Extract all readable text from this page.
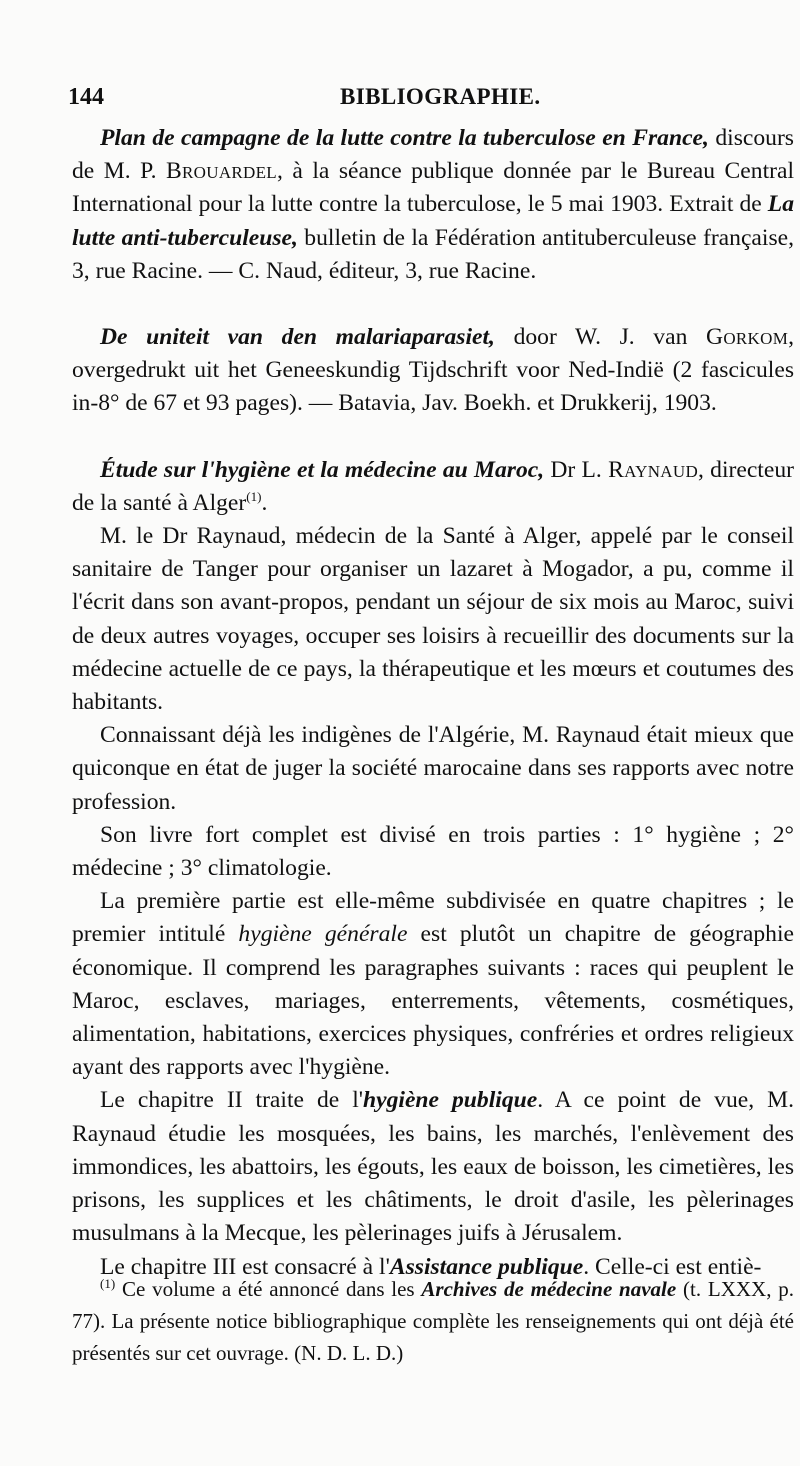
144	BIBLIOGRAPHIE.

Plan de campagne de la lutte contre la tuberculose en France, discours de M. P. Brouardel, à la séance publique donnée par le Bureau Central International pour la lutte contre la tuberculose, le 5 mai 1903. Extrait de La lutte anti-tuberculeuse, bulletin de la Fédération antituberculeuse française, 3, rue Racine. — C. Naud, éditeur, 3, rue Racine.

De uniteit van den malariaparasiet, door W. J. van Gorkom, overgedrukt uit het Geneeskundig Tijdschrift voor Ned-Indië (2 fascicules in-8° de 67 et 93 pages). — Batavia, Jav. Boekh. et Drukkerij, 1903.

Étude sur l'hygiène et la médecine au Maroc, Dr L. Raynaud, directeur de la santé à Alger$^{(1)}$.

M. le Dr Raynaud, médecin de la Santé à Alger, appelé par le conseil sanitaire de Tanger pour organiser un lazaret à Mogador, a pu, comme il l'écrit dans son avant-propos, pendant un séjour de six mois au Maroc, suivi de deux autres voyages, occuper ses loisirs à recueillir des documents sur la médecine actuelle de ce pays, la thérapeutique et les mœurs et coutumes des habitants.

Connaissant déjà les indigènes de l'Algérie, M. Raynaud était mieux que quiconque en état de juger la société marocaine dans ses rapports avec notre profession.

Son livre fort complet est divisé en trois parties : 1° hygiène ; 2° médecine ; 3° climatologie.

La première partie est elle-même subdivisée en quatre chapitres ; le premier intitulé hygiène générale est plutôt un chapitre de géographie économique. Il comprend les paragraphes suivants : races qui peuplent le Maroc, esclaves, mariages, enterrements, vêtements, cosmétiques, alimentation, habitations, exercices physiques, confréries et ordres religieux ayant des rapports avec l'hygiène.

Le chapitre II traite de l'hygiène publique. A ce point de vue, M. Raynaud étudie les mosquées, les bains, les marchés, l'enlèvement des immondices, les abattoirs, les égouts, les eaux de boisson, les cimetières, les prisons, les supplices et les châtiments, le droit d'asile, les pèlerinages musulmans à la Mecque, les pèlerinages juifs à Jérusalem.

Le chapitre III est consacré à l'Assistance publique. Celle-ci est entiè-

$^{(1)}$ Ce volume a été annoncé dans les Archives de médecine navale (t. LXXX, p. 77). La présente notice bibliographique complète les renseignements qui ont déjà été présentés sur cet ouvrage. (N. D. L. D.)
